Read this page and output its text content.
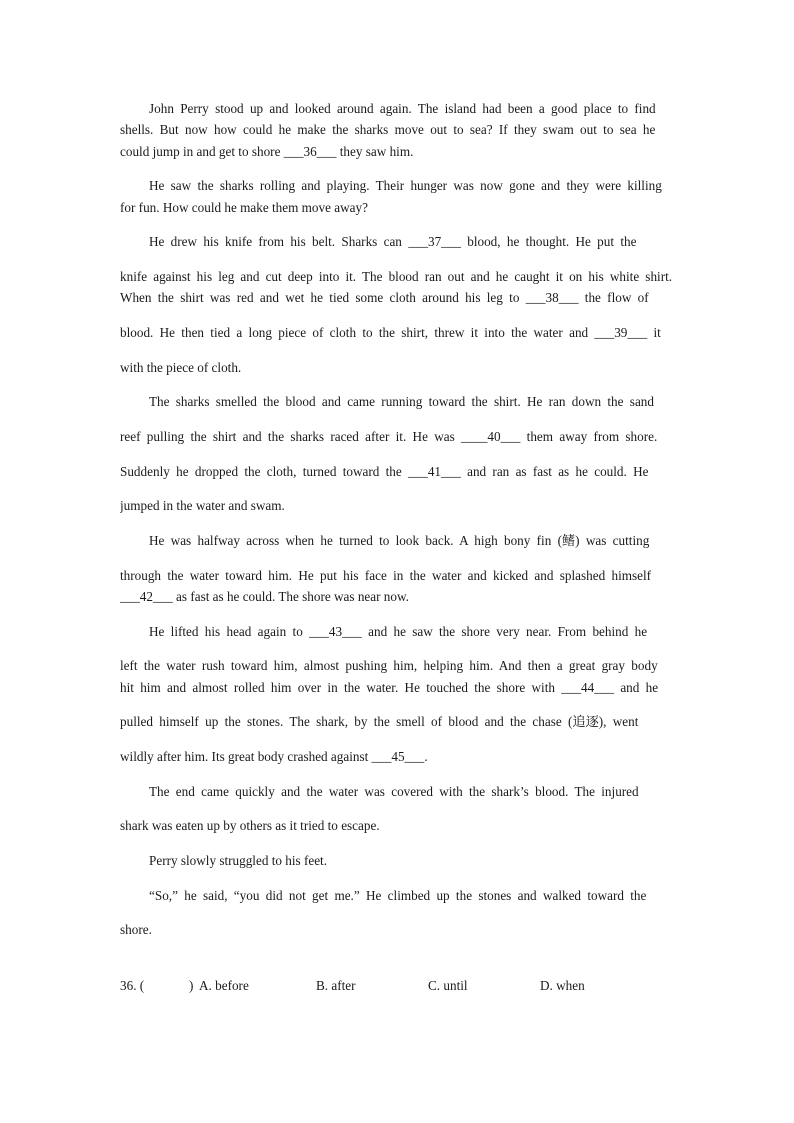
John Perry stood up and looked around again. The island had been a good place to find
shells. But now how could he make the sharks move out to sea? If they swam out to sea he
could jump in and get to shore ___36___ they saw him.
He saw the sharks rolling and playing. Their hunger was now gone and they were killing
for fun. How could he make them move away?
He drew his knife from his belt. Sharks can ___37___ blood, he thought. He put the
knife against his leg and cut deep into it. The blood ran out and he caught it on his white shirt.
When the shirt was red and wet he tied some cloth around his leg to ___38___ the flow of
blood. He then tied a long piece of cloth to the shirt, threw it into the water and ___39___ it
with the piece of cloth.
The sharks smelled the blood and came running toward the shirt. He ran down the sand
reef pulling the shirt and the sharks raced after it. He was ____40___ them away from shore.
Suddenly he dropped the cloth, turned toward the ___41___ and ran as fast as he could. He
jumped in the water and swam.
He was halfway across when he turned to look back. A high bony fin (鳍) was cutting
through the water toward him. He put his face in the water and kicked and splashed himself
___42___ as fast as he could. The shore was near now.
He lifted his head again to ___43___ and he saw the shore very near. From behind he
left the water rush toward him, almost pushing him, helping him. And then a great gray body
hit him and almost rolled him over in the water. He touched the shore with ___44___ and he
pulled himself up the stones. The shark, by the smell of blood and the chase (追逐), went
wildly after him. Its great body crashed against ___45___.
The end came quickly and the water was covered with the shark’s blood. The injured
shark was eaten up by others as it tried to escape.
Perry slowly struggled to his feet.
“So,” he said, “you did not get me.” He climbed up the stones and walked toward the
shore.
36. (	) A. before	B. after	C. until	D. when
